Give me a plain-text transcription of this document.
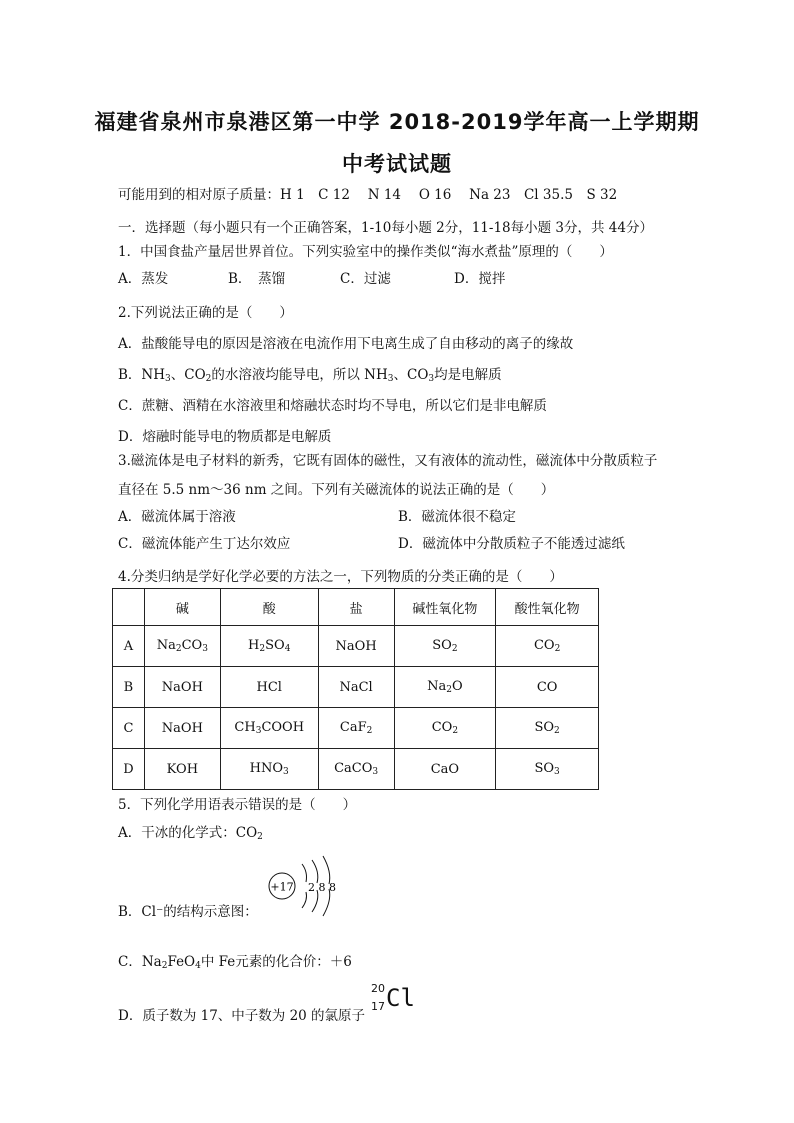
福建省泉州市泉港区第一中学 2018-2019学年高一上学期期
中考试试题
可能用到的相对原子质量：H 1　C 12　 N 14　 O 16　 Na 23　Cl 35.5　S 32
一．选择题（每小题只有一个正确答案，1-10每小题 2分，11-18每小题 3分，共 44分）
1．中国食盐产量居世界首位。下列实验室中的操作类似“海水煮盐”原理的（　　）
A．蒸发	B．　蒸馏	C．过滤	D．搅拌
2.下列说法正确的是（　　）
A．盐酸能导电的原因是溶液在电流作用下电离生成了自由移动的离子的缘故
B．$NH_3$、$CO_2$的水溶液均能导电，所以 $NH_3$、$CO_3$均是电解质
C．蔗糖、酒精在水溶液里和熔融状态时均不导电，所以它们是非电解质
D．熔融时能导电的物质都是电解质
3.磁流体是电子材料的新秀，它既有固体的磁性，又有液体的流动性，磁流体中分散质粒子
直径在 5.5 nm～36 nm 之间。下列有关磁流体的说法正确的是（　　）
A．磁流体属于溶液	B．磁流体很不稳定
C．磁流体能产生丁达尔效应	D．磁流体中分散质粒子不能透过滤纸
4.分类归纳是学好化学必要的方法之一，下列物质的分类正确的是（　　）
	碱	酸	盐	碱性氧化物	酸性氧化物
A	$Na_2CO_3$	$H_2SO_4$	NaOH	$SO_2$	$CO_2$
B	NaOH	HCl	NaCl	$Na_2O$	CO
C	NaOH	$CH_3COOH$	CaF$_2$	$CO_2$	$SO_2$
D	KOH	$HNO_3$	CaCO$_3$	CaO	$SO_3$
5．下列化学用语表示错误的是（　　）
A．干冰的化学式：$CO_2$
+17 2 8 8
B．Cl⁻的结构示意图：
C．$Na_2FeO_4$中 Fe元素的化合价：＋6
D．质子数为 17、中子数为 20 的氯原子
20
17 Cl
